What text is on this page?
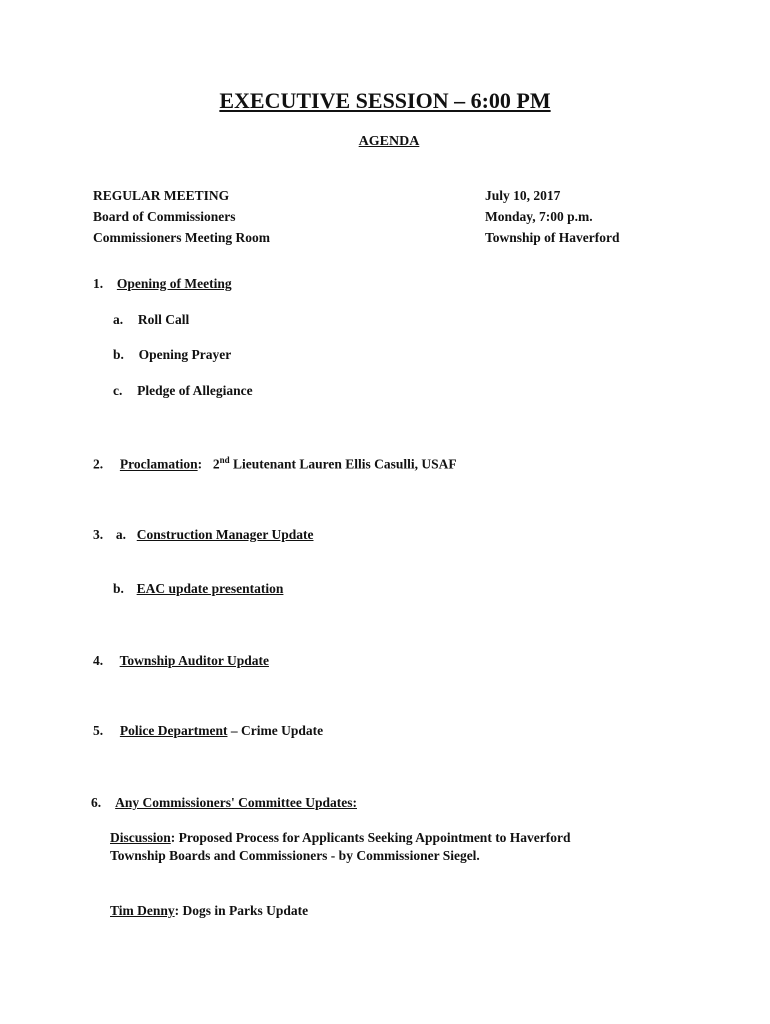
EXECUTIVE SESSION – 6:00 PM
AGENDA
REGULAR MEETING
Board of Commissioners
Commissioners Meeting Room
July 10, 2017
Monday, 7:00 p.m.
Township of Haverford
1. Opening of Meeting
a. Roll Call
b. Opening Prayer
c. Pledge of Allegiance
2. Proclamation: 2nd Lieutenant Lauren Ellis Casulli, USAF
3. a. Construction Manager Update
b. EAC update presentation
4. Township Auditor Update
5. Police Department – Crime Update
6. Any Commissioners' Committee Updates:
Discussion: Proposed Process for Applicants Seeking Appointment to Haverford
Township Boards and Commissioners - by Commissioner Siegel.
Tim Denny: Dogs in Parks Update
